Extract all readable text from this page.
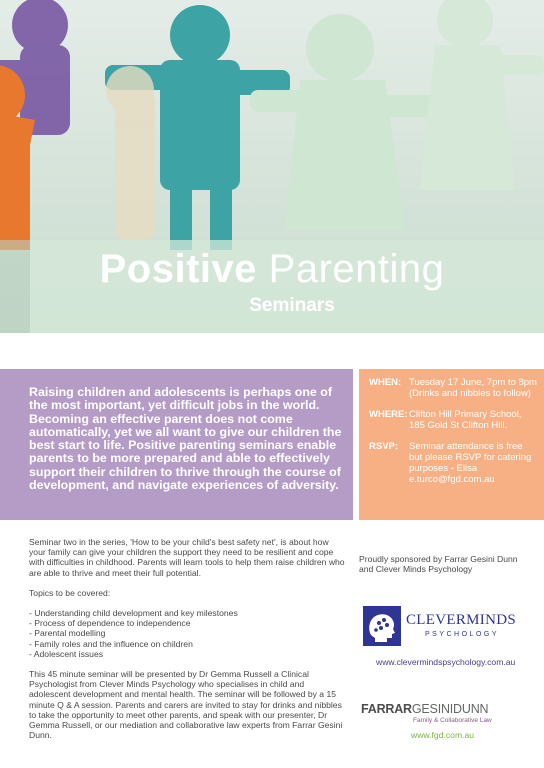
Positive Parenting
Seminars

Raising children and adolescents is perhaps one of the most important, yet difficult jobs in the world. Becoming an effective parent does not come automatically, yet we all want to give our children the best start to life. Positive parenting seminars enable parents to be more prepared and able to effectively support their children to thrive through the course of development, and navigate experiences of adversity.

WHEN: Tuesday 17 June, 7pm to 8pm (Drinks and nibbles to follow)
WHERE: Clifton Hill Primary School, 185 Gold St Clifton Hill.
RSVP:	Seminar attendance is free but please RSVP for catering purposes - Elisa e.turco@fgd.com.au

Seminar two in the series, 'How to be your child's best safety net', is about how your family can give your children the support they need to be resilient and cope with difficulties in childhood. Parents will learn tools to help them raise children who are able to thrive and meet their full potential.

Topics to be covered:

- Understanding child development and key milestones
- Process of dependence to independence
- Parental modelling
- Family roles and the influence on children
- Adolescent issues

This 45 minute seminar will be presented by Dr Gemma Russell a Clinical Psychologist from Clever Minds Psychology who specialises in child and adolescent development and mental health. The seminar will be followed by a 15 minute Q & A session. Parents and carers are invited to stay for drinks and nibbles to take the opportunity to meet other parents, and speak with our presenter, Dr Gemma Russell, or our mediation and collaborative law experts from Farrar Gesini Dunn.

Proudly sponsored by Farrar Gesini Dunn and Clever Minds Psychology
CLEVERMINDS
PSYCHOLOGY
www.clevermindspsychology.com.au
FARRARGESINIDUNN
Family & Collaborative Law
www.fgd.com.au
